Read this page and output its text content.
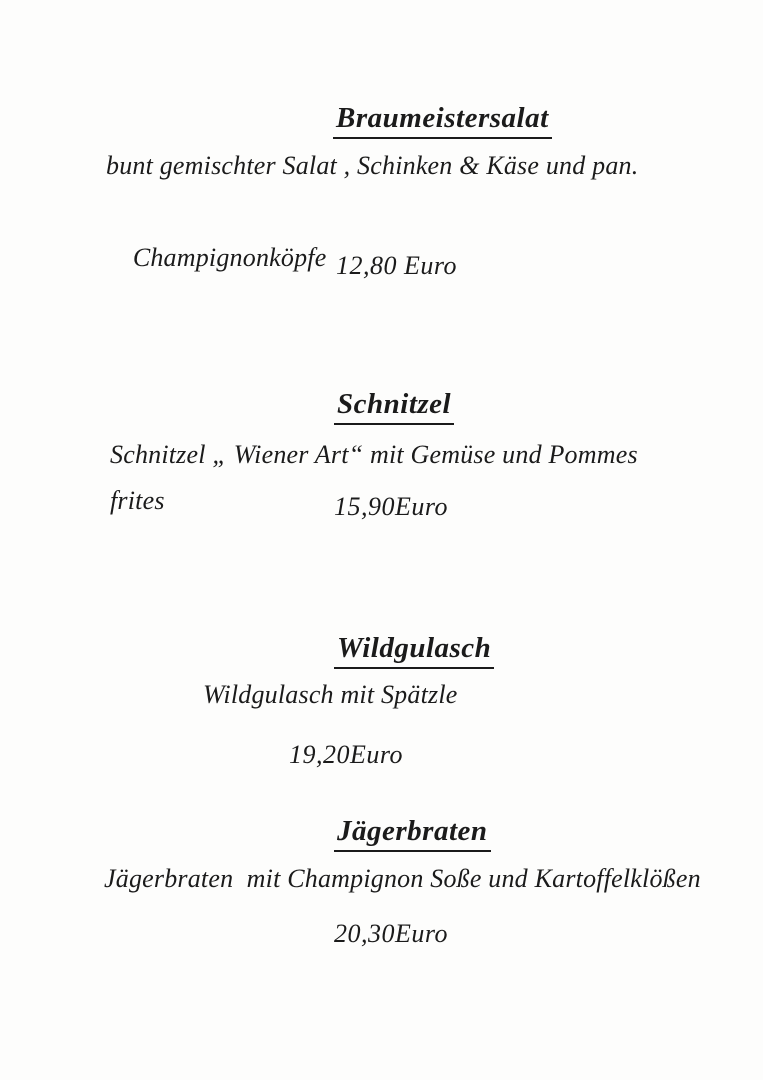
Braumeistersalat
bunt gemischter Salat , Schinken & Käse und pan.

Champignonköpfe 12,80 Euro
Schnitzel
Schnitzel „ Wiener Art“ mit Gemüse und Pommes frites	15,90Euro
Wildgulasch
Wildgulasch mit Spätzle
19,20Euro
Jägerbraten
Jägerbraten  mit Champignon Soße und Kartoffelklößen
20,30Euro
